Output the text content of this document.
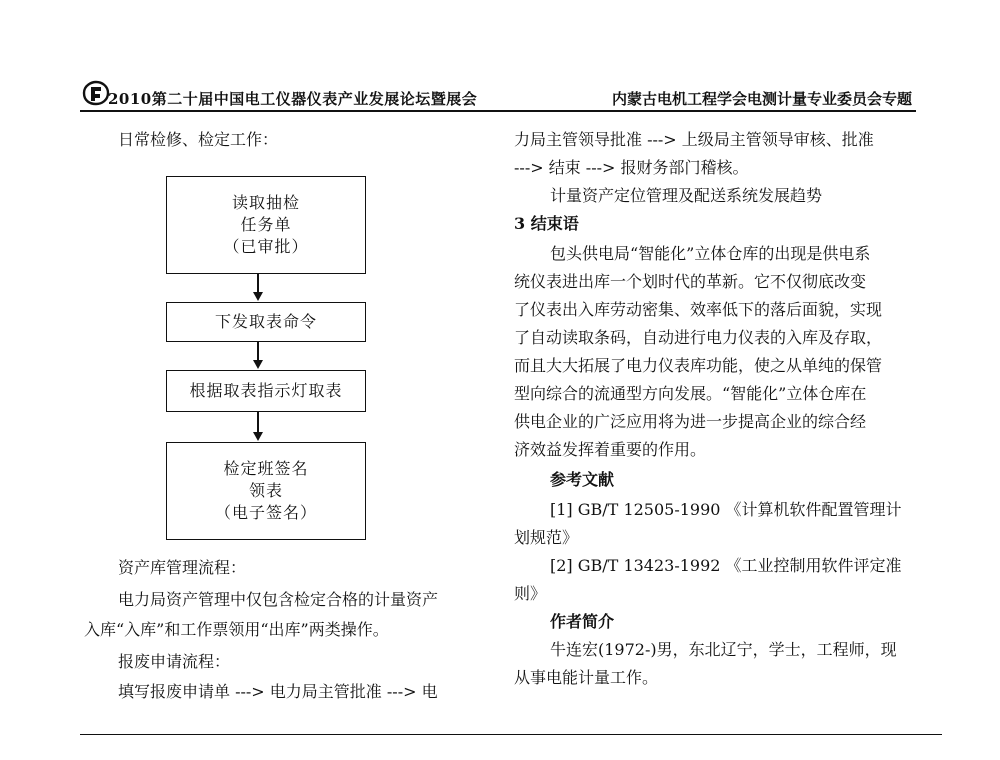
2010第二十届中国电工仪器仪表产业发展论坛暨展会	内蒙古电机工程学会电测计量专业委员会专题
日常检修、检定工作：
读取抽检
任务单
（已审批）
下发取表命令
根据取表指示灯取表
检定班签名
领表
（电子签名）
资产库管理流程：
电力局资产管理中仅包含检定合格的计量资产
入库“入库”和工作票领用“出库”两类操作。
报废申请流程：
填写报废申请单 ---> 电力局主管批准 ---> 电
力局主管领导批准 ---> 上级局主管领导审核、批准
---> 结束 ---> 报财务部门稽核。
计量资产定位管理及配送系统发展趋势
3 结束语
包头供电局“智能化”立体仓库的出现是供电系
统仪表进出库一个划时代的革新。它不仅彻底改变
了仪表出入库劳动密集、效率低下的落后面貌，实现
了自动读取条码，自动进行电力仪表的入库及存取，
而且大大拓展了电力仪表库功能，使之从单纯的保管
型向综合的流通型方向发展。“智能化”立体仓库在
供电企业的广泛应用将为进一步提高企业的综合经
济效益发挥着重要的作用。
参考文献
[1] GB/T 12505-1990 《计算机软件配置管理计
划规范》
[2] GB/T 13423-1992 《工业控制用软件评定准
则》
作者简介
牛连宏(1972-)男，东北辽宁，学士，工程师，现
从事电能计量工作。
